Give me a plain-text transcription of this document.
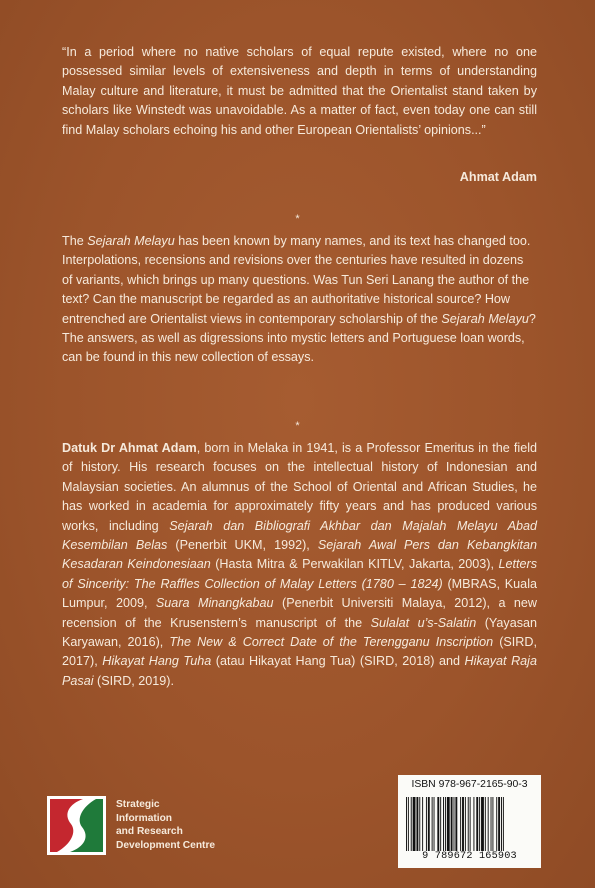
“In a period where no native scholars of equal repute existed, where no one possessed similar levels of extensiveness and depth in terms of understanding Malay culture and literature, it must be admitted that the Orientalist stand taken by scholars like Winstedt was unavoidable. As a matter of fact, even today one can still find Malay scholars echoing his and other European Orientalists’ opinions...”
Ahmat Adam
*
The Sejarah Melayu has been known by many names, and its text has changed too. Interpolations, recensions and revisions over the centuries have resulted in dozens of variants, which brings up many questions. Was Tun Seri Lanang the author of the text? Can the manuscript be regarded as an authoritative historical source? How entrenched are Orientalist views in contemporary scholarship of the Sejarah Melayu? The answers, as well as digressions into mystic letters and Portuguese loan words, can be found in this new collection of essays.
*
Datuk Dr Ahmat Adam, born in Melaka in 1941, is a Professor Emeritus in the field of history. His research focuses on the intellectual history of Indonesian and Malaysian societies. An alumnus of the School of Oriental and African Studies, he has worked in academia for approximately fifty years and has produced various works, including Sejarah dan Bibliografi Akhbar dan Majalah Melayu Abad Kesembilan Belas (Penerbit UKM, 1992), Sejarah Awal Pers dan Kebangkitan Kesadaran Keindonesiaan (Hasta Mitra & Perwakilan KITLV, Jakarta, 2003), Letters of Sincerity: The Raffles Collection of Malay Letters (1780 – 1824) (MBRAS, Kuala Lumpur, 2009, Suara Minangkabau (Penerbit Universiti Malaya, 2012), a new recension of the Krusenstern’s manuscript of the Sulalat u’s-Salatin (Yayasan Karyawan, 2016), The New & Correct Date of the Terengganu Inscription (SIRD, 2017), Hikayat Hang Tuha (atau Hikayat Hang Tua) (SIRD, 2018) and Hikayat Raja Pasai (SIRD, 2019).
Strategic
Information
and Research
Development Centre
ISBN 978-967-2165-90-3
9 789672 165903
